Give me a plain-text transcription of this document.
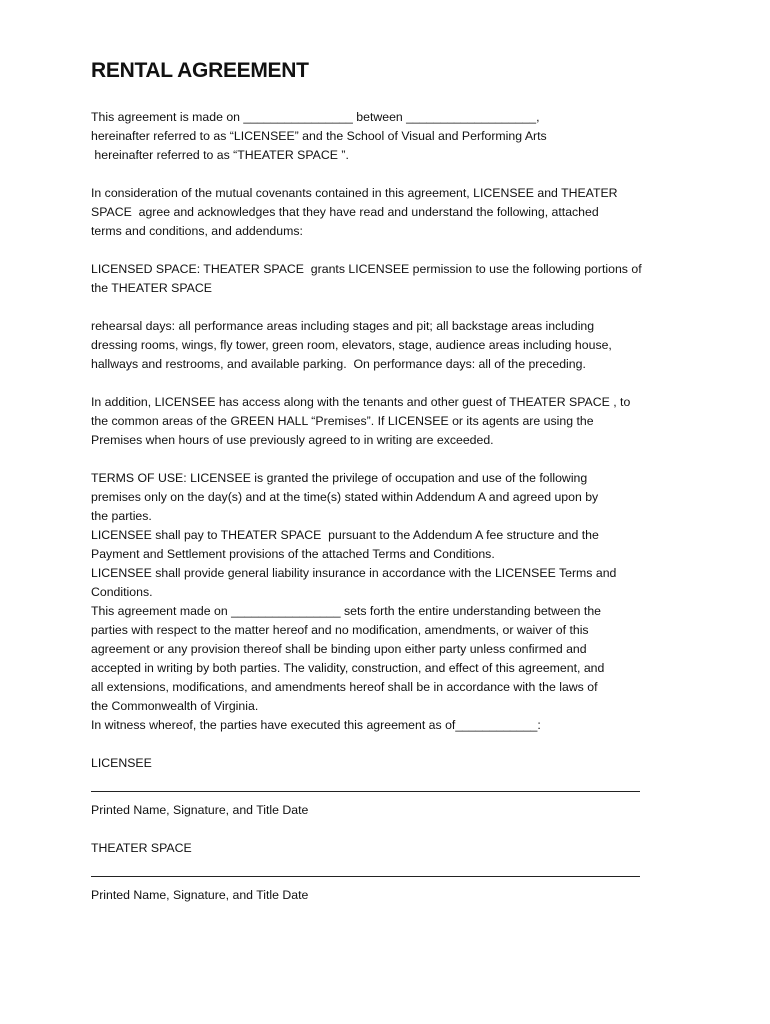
RENTAL AGREEMENT
This agreement is made on ________________ between ___________________,
hereinafter referred to as “LICENSEE” and the School of Visual and Performing Arts
hereinafter referred to as “THEATER SPACE ”.
In consideration of the mutual covenants contained in this agreement, LICENSEE and THEATER
SPACE  agree and acknowledges that they have read and understand the following, attached
terms and conditions, and addendums:
LICENSED SPACE: THEATER SPACE  grants LICENSEE permission to use the following portions of
the THEATER SPACE
rehearsal days: all performance areas including stages and pit; all backstage areas including
dressing rooms, wings, fly tower, green room, elevators, stage, audience areas including house,
hallways and restrooms, and available parking.  On performance days: all of the preceding.
In addition, LICENSEE has access along with the tenants and other guest of THEATER SPACE , to
the common areas of the GREEN HALL “Premises”. If LICENSEE or its agents are using the
Premises when hours of use previously agreed to in writing are exceeded.
TERMS OF USE: LICENSEE is granted the privilege of occupation and use of the following
premises only on the day(s) and at the time(s) stated within Addendum A and agreed upon by
the parties.
LICENSEE shall pay to THEATER SPACE  pursuant to the Addendum A fee structure and the
Payment and Settlement provisions of the attached Terms and Conditions.
LICENSEE shall provide general liability insurance in accordance with the LICENSEE Terms and
Conditions.
This agreement made on ________________ sets forth the entire understanding between the
parties with respect to the matter hereof and no modification, amendments, or waiver of this
agreement or any provision thereof shall be binding upon either party unless confirmed and
accepted in writing by both parties. The validity, construction, and effect of this agreement, and
all extensions, modifications, and amendments hereof shall be in accordance with the laws of
the Commonwealth of Virginia.
In witness whereof, the parties have executed this agreement as of____________:
LICENSEE
Printed Name, Signature, and Title Date
THEATER SPACE
Printed Name, Signature, and Title Date
